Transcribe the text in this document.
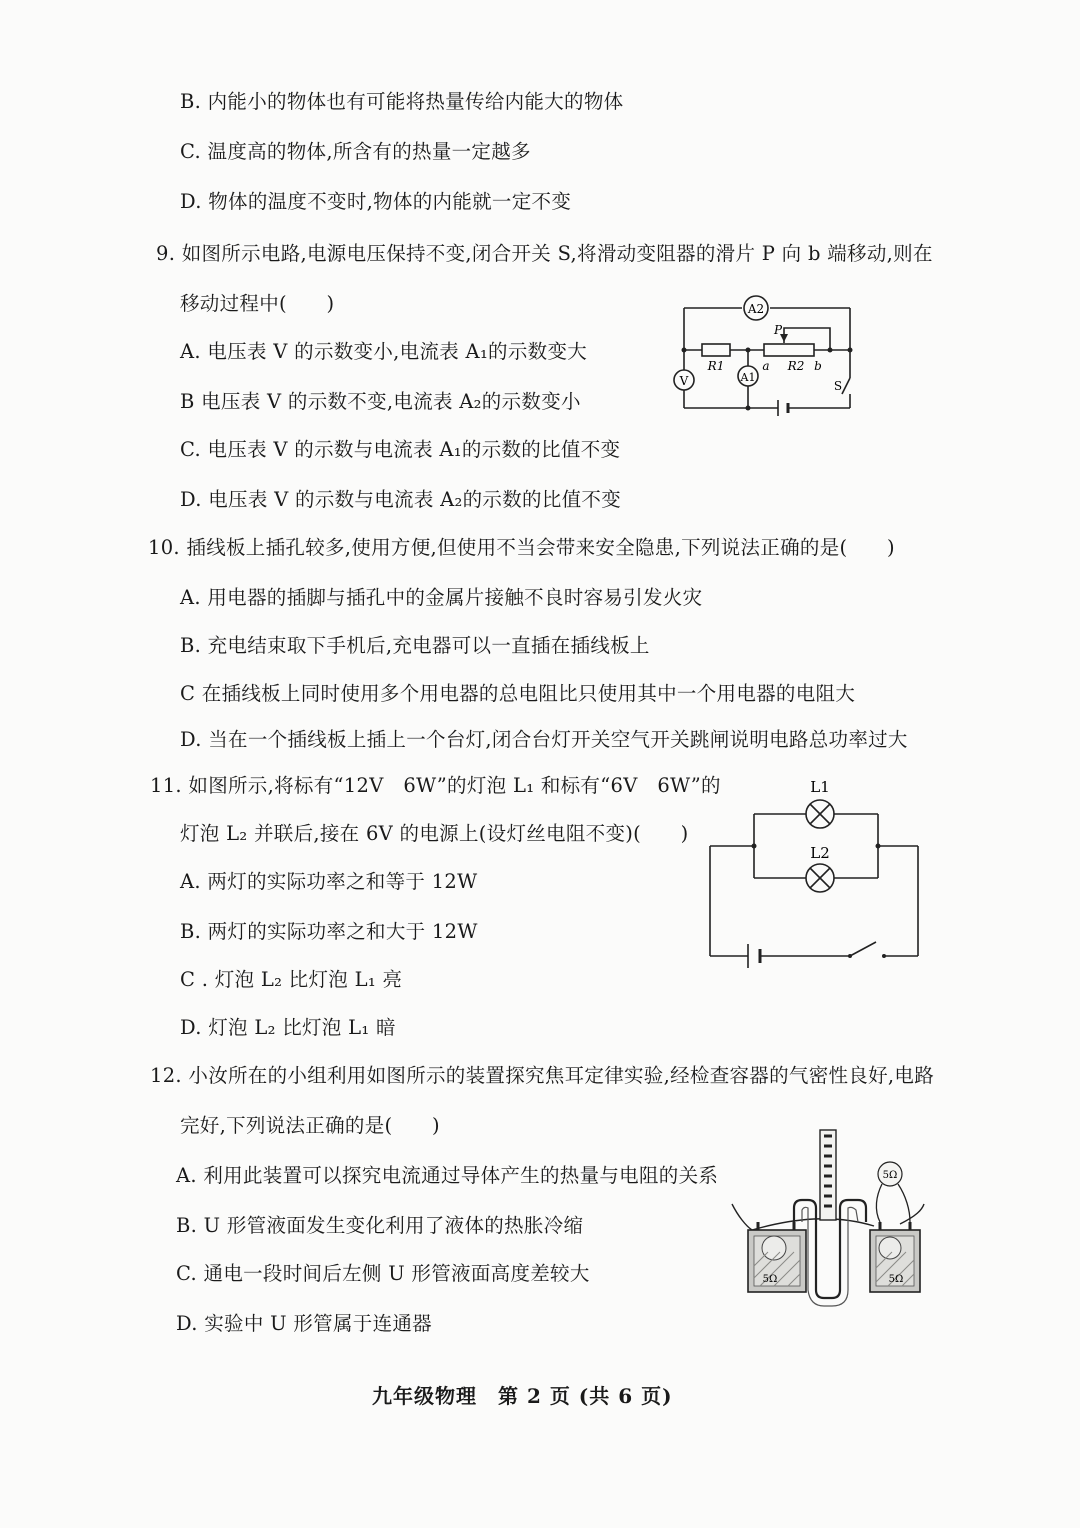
B. 内能小的物体也有可能将热量传给内能大的物体
C. 温度高的物体,所含有的热量一定越多
D. 物体的温度不变时,物体的内能就一定不变
9. 如图所示电路,电源电压保持不变,闭合开关 S,将滑动变阻器的滑片 P 向 b 端移动,则在
移动过程中(　　)
A. 电压表 V 的示数变小,电流表 A₁的示数变大
B 电压表 V 的示数不变,电流表 A₂的示数变小
C. 电压表 V 的示数与电流表 A₁的示数的比值不变
D. 电压表 V 的示数与电流表 A₂的示数的比值不变
A2
V	A1
R1	R2
P
a	b
S
10. 插线板上插孔较多,使用方便,但使用不当会带来安全隐患,下列说法正确的是(　　)
A. 用电器的插脚与插孔中的金属片接触不良时容易引发火灾
B. 充电结束取下手机后,充电器可以一直插在插线板上
C 在插线板上同时使用多个用电器的总电阻比只使用其中一个用电器的电阻大
D. 当在一个插线板上插上一个台灯,闭合台灯开关空气开关跳闸说明电路总功率过大
11. 如图所示,将标有“12V　6W”的灯泡 L₁ 和标有“6V　6W”的
灯泡 L₂ 并联后,接在 6V 的电源上(设灯丝电阻不变)(　　)
A. 两灯的实际功率之和等于 12W
B. 两灯的实际功率之和大于 12W
C . 灯泡 L₂ 比灯泡 L₁ 亮
D. 灯泡 L₂ 比灯泡 L₁ 暗
L1
L2
12. 小汝所在的小组利用如图所示的装置探究焦耳定律实验,经检查容器的气密性良好,电路
完好,下列说法正确的是(　　)
A. 利用此装置可以探究电流通过导体产生的热量与电阻的关系
B. U 形管液面发生变化利用了液体的热胀冷缩
C. 通电一段时间后左侧 U 形管液面高度差较大
D. 实验中 U 形管属于连通器
5Ω	5Ω
5Ω
九年级物理　第 2 页 (共 6 页)
